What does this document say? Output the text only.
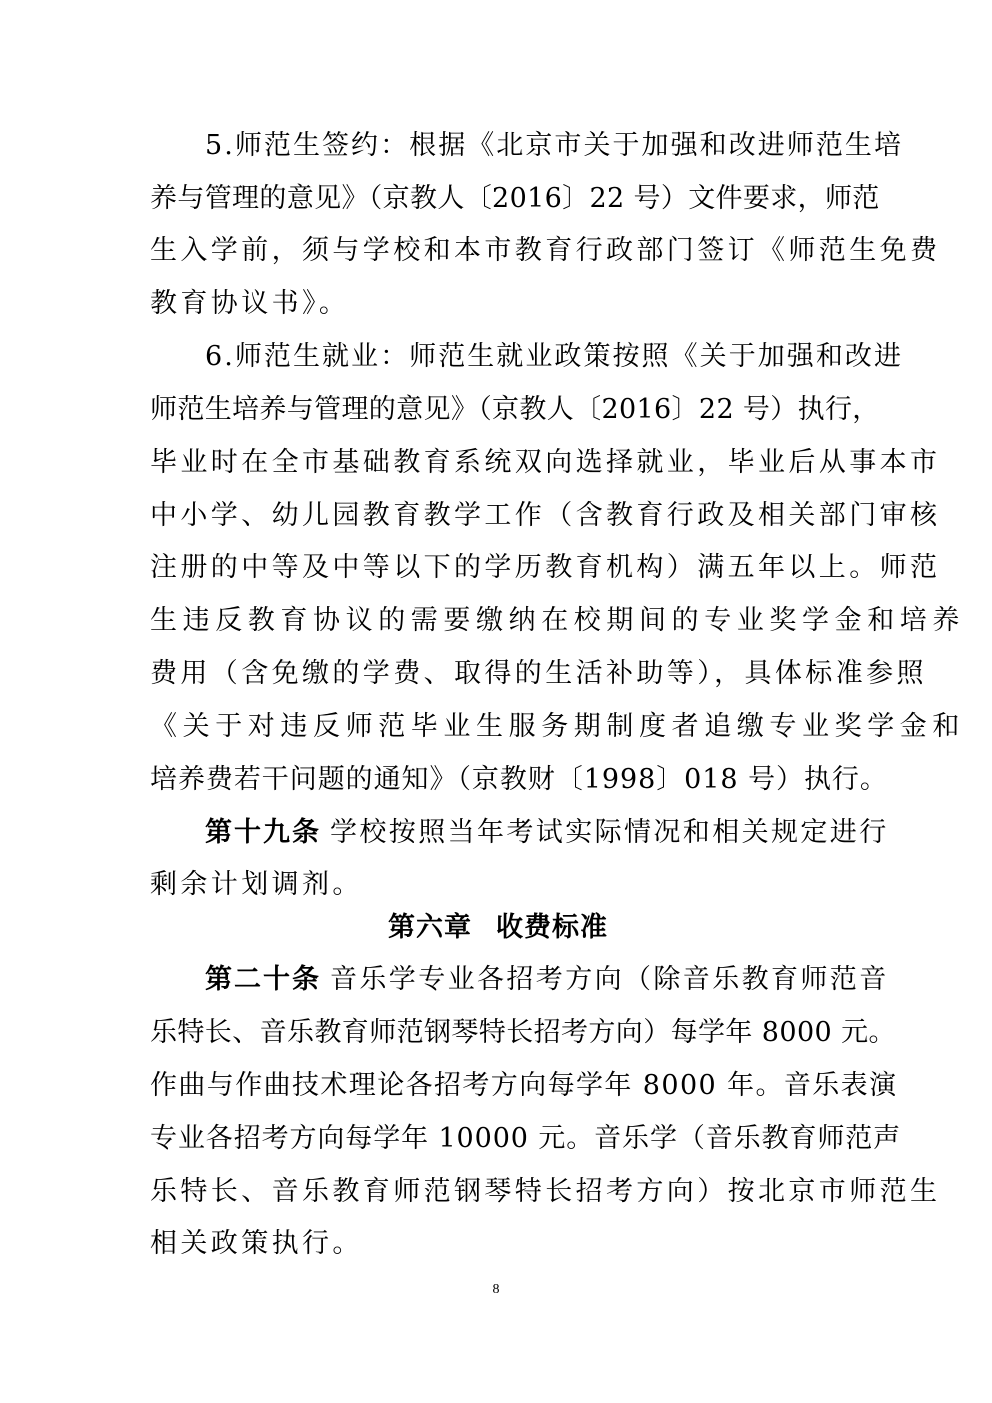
5.师范生签约：根据《北京市关于加强和改进师范生培
养与管理的意见》（京教人〔2016〕22 号）文件要求，师范
生入学前，须与学校和本市教育行政部门签订《师范生免费
教育协议书》。
6.师范生就业：师范生就业政策按照《关于加强和改进
师范生培养与管理的意见》（京教人〔2016〕22 号）执行，
毕业时在全市基础教育系统双向选择就业，毕业后从事本市
中小学、幼儿园教育教学工作（含教育行政及相关部门审核
注册的中等及中等以下的学历教育机构）满五年以上。师范
生违反教育协议的需要缴纳在校期间的专业奖学金和培养
费用（含免缴的学费、取得的生活补助等），具体标准参照
《关于对违反师范毕业生服务期制度者追缴专业奖学金和
培养费若干问题的通知》（京教财〔1998〕018 号）执行。
第十九条 学校按照当年考试实际情况和相关规定进行
剩余计划调剂。
第六章 收费标准
第二十条 音乐学专业各招考方向（除音乐教育师范音
乐特长、音乐教育师范钢琴特长招考方向）每学年 8000 元。
作曲与作曲技术理论各招考方向每学年 8000 年。音乐表演
专业各招考方向每学年 10000 元。音乐学（音乐教育师范声
乐特长、音乐教育师范钢琴特长招考方向）按北京市师范生
相关政策执行。
8
